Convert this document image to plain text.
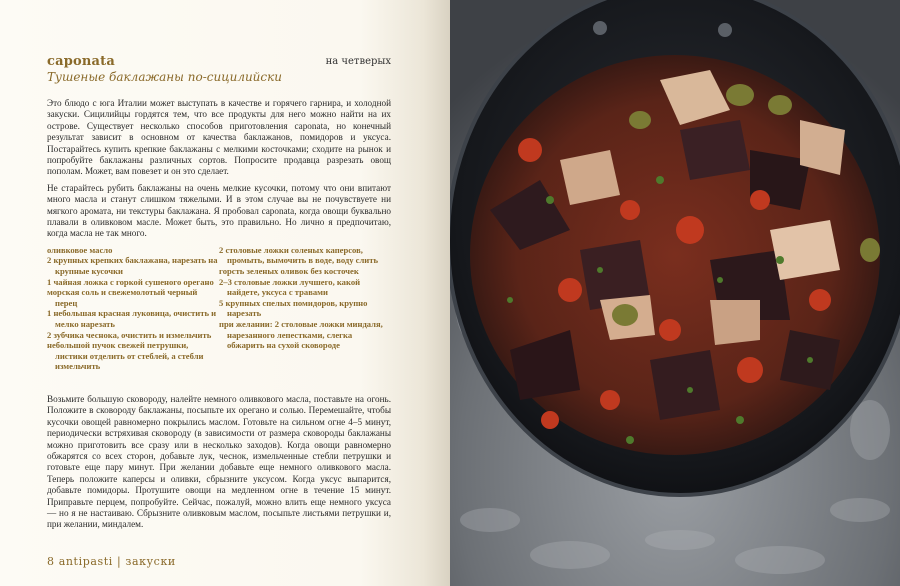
caponata	на четверых
Тушеные баклажаны по-сицилийски

Это блюдо с юга Италии может выступать в качестве и горячего гарнира, и холодной закуски. Сицилийцы гордятся тем, что все продукты для него можно найти на их острове. Существует несколько способов приготовления caponata, но конечный результат зависит в основном от качества баклажанов, помидоров и уксуса. Постарайтесь купить крепкие баклажаны с мелкими косточками; сходите на рынок и попробуйте баклажаны различных сортов. Попросите продавца разрезать овощ пополам. Может, вам повезет и он это сделает.

Не старайтесь рубить баклажаны на очень мелкие кусочки, потому что они впитают много масла и станут слишком тяжелыми. И в этом случае вы не почувствуете ни мягкого аромата, ни текстуры баклажана. Я пробовал caponata, когда овощи буквально плавали в оливковом масле. Может быть, это правильно. Но лично я предпочитаю, когда масла не так много.

оливковое масло
2 крупных крепких баклажана, нарезать на крупные кусочки
1 чайная ложка с горкой сушеного орегано
морская соль и свежемолотый черный перец
1 небольшая красная луковица, очистить и мелко нарезать
2 зубчика чеснока, очистить и измельчить
небольшой пучок свежей петрушки, листики отделить от стеблей, а стебли измельчить
2 столовые ложки соленых каперсов, промыть, вымочить в воде, воду слить
горсть зеленых оливок без косточек
2–3 столовые ложки лучшего, какой найдете, уксуса с травами
5 крупных спелых помидоров, крупно нарезать
при желании: 2 столовые ложки миндаля, нарезанного лепестками, слегка обжарить на сухой сковороде
Возьмите большую сковороду, налейте немного оливкового масла, поставьте на огонь. Положите в сковороду баклажаны, посыпьте их орегано и солью. Перемешайте, чтобы кусочки овощей равномерно покрылись маслом. Готовьте на сильном огне 4–5 минут, периодически встряхивая сковороду (в зависимости от размера сковороды баклажаны можно приготовить все сразу или в несколько заходов). Когда овощи равномерно обжарятся со всех сторон, добавьте лук, чеснок, измельченные стебли петрушки и готовьте еще пару минут. При желании добавьте еще немного оливкового масла. Теперь положите каперсы и оливки, сбрызните уксусом. Когда уксус выпарится, добавьте помидоры. Протушите овощи на медленном огне в течение 15 минут. Приправьте перцем, попробуйте. Сейчас, пожалуй, можно влить еще немного уксуса — но я не настаиваю. Сбрызните оливковым маслом, посыпьте листьями петрушки и, при желании, миндалем.
8 antipasti | закуски
